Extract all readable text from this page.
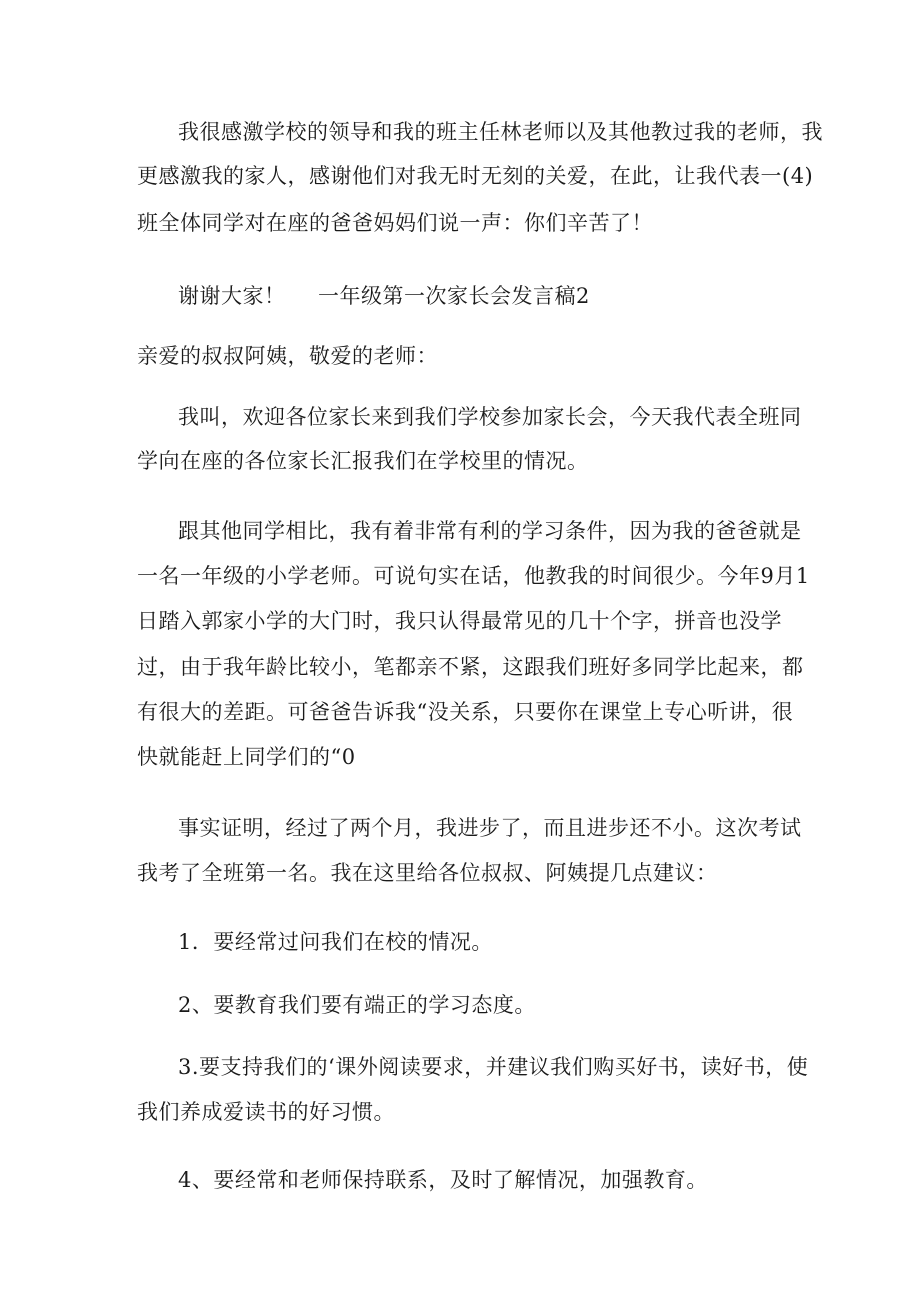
我很感激学校的领导和我的班主任林老师以及其他教过我的老师，我
更感激我的家人，感谢他们对我无时无刻的关爱，在此，让我代表一(4)
班全体同学对在座的爸爸妈妈们说一声：你们辛苦了！
谢谢大家！ 一年级第一次家长会发言稿2
亲爱的叔叔阿姨，敬爱的老师：
我叫，欢迎各位家长来到我们学校参加家长会，今天我代表全班同
学向在座的各位家长汇报我们在学校里的情况。
跟其他同学相比，我有着非常有利的学习条件，因为我的爸爸就是
一名一年级的小学老师。可说句实在话，他教我的时间很少。今年9月1
日踏入郭家小学的大门时，我只认得最常见的几十个字，拼音也没学
过，由于我年龄比较小，笔都亲不紧，这跟我们班好多同学比起来，都
有很大的差距。可爸爸告诉我“没关系，只要你在课堂上专心听讲，很
快就能赶上同学们的“0
事实证明，经过了两个月，我进步了，而且进步还不小。这次考试
我考了全班第一名。我在这里给各位叔叔、阿姨提几点建议：
1．要经常过问我们在校的情况。
2、要教育我们要有端正的学习态度。
3.要支持我们的‘课外阅读要求，并建议我们购买好书，读好书，使
我们养成爱读书的好习惯。
4、要经常和老师保持联系，及时了解情况，加强教育。
